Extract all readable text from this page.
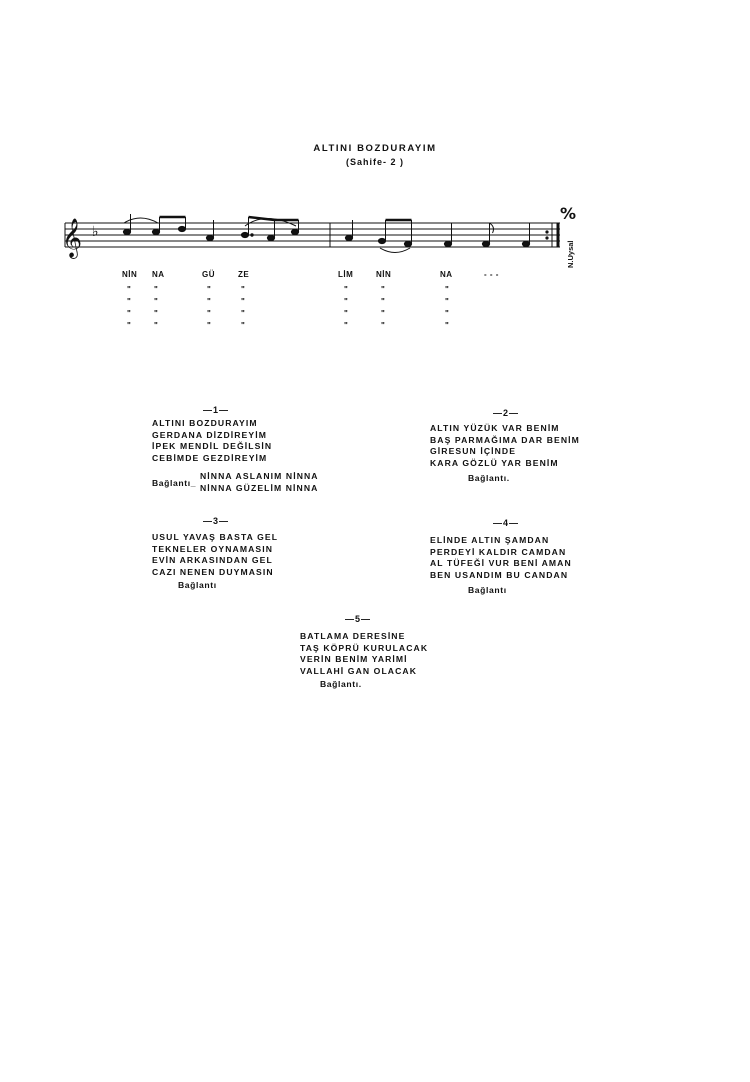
ALTINI BOZDURAYIM
(Sahife- 2 )
𝄞 ♭
%
N.Uysal
NİN NA	GÜ	ZE	LİM	NİN	NA	- - -
"	"	"	"	"	"	"
"	"	"	"	"	"	"
"	"	"	"	"	"	"
"	"	"	"	"	"	"
—1—
ALTINI BOZDURAYIM
GERDANA DİZDİREYİM
İPEK MENDİL DEĞİLSİN
CEBİMDE GEZDİREYİM
Bağlantı_
NİNNA ASLANIM NİNNA
NİNNA GÜZELİM NİNNA
—2—
ALTIN YÜZÜK VAR BENİM
BAŞ PARMAĞIMA DAR BENİM
GİRESUN İÇİNDE
KARA GÖZLÜ YAR BENİM
Bağlantı.
—3—
USUL YAVAŞ BASTA GEL
TEKNELER OYNAMASIN
EVİN ARKASINDAN GEL
CAZI NENEN DUYMASIN
Bağlantı
—4—
ELİNDE ALTIN ŞAMDAN
PERDEYİ KALDIR CAMDAN
AL TÜFEĞİ VUR BENİ AMAN
BEN USANDIM BU CANDAN
Bağlantı
—5—
BATLAMA DERESİNE
TAŞ KÖPRÜ KURULACAK
VERİN BENİM YARİMİ
VALLAHİ GAN OLACAK
Bağlantı.
